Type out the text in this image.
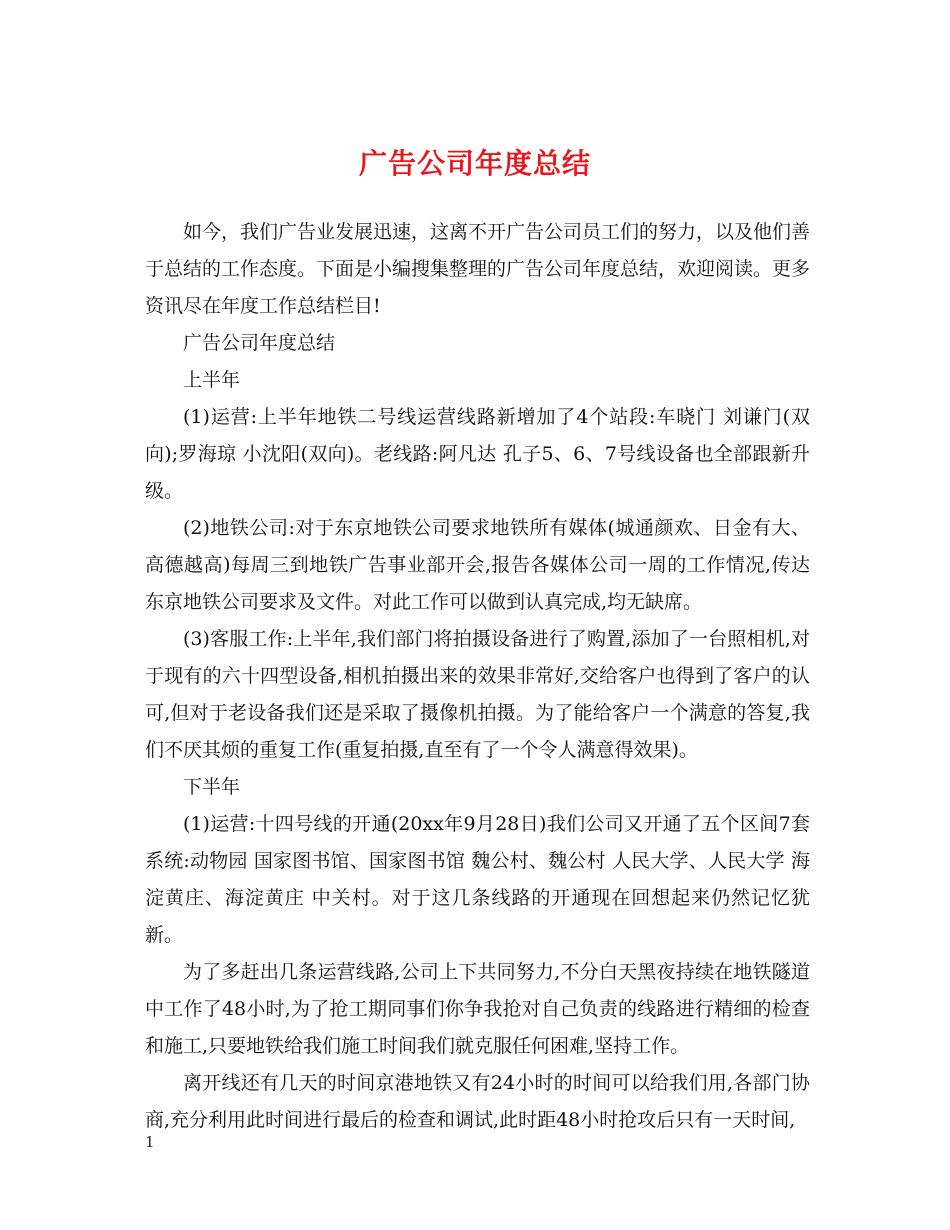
广告公司年度总结

如今，我们广告业发展迅速，这离不开广告公司员工们的努力，以及他们善于总结的工作态度。下面是小编搜集整理的广告公司年度总结，欢迎阅读。更多资讯尽在年度工作总结栏目!

广告公司年度总结

上半年

(1)运营:上半年地铁二号线运营线路新增加了4个站段:车晓门 刘谦门(双向);罗海琼 小沈阳(双向)。老线路:阿凡达 孔子5、6、7号线设备也全部跟新升级。

(2)地铁公司:对于东京地铁公司要求地铁所有媒体(城通颜欢、日金有大、高德越高)每周三到地铁广告事业部开会,报告各媒体公司一周的工作情况,传达东京地铁公司要求及文件。对此工作可以做到认真完成,均无缺席。

(3)客服工作:上半年,我们部门将拍摄设备进行了购置,添加了一台照相机,对于现有的六十四型设备,相机拍摄出来的效果非常好,交给客户也得到了客户的认可,但对于老设备我们还是采取了摄像机拍摄。为了能给客户一个满意的答复,我们不厌其烦的重复工作(重复拍摄,直至有了一个令人满意得效果)。

下半年

(1)运营:十四号线的开通(20xx年9月28日)我们公司又开通了五个区间7套系统:动物园 国家图书馆、国家图书馆 魏公村、魏公村 人民大学、人民大学 海淀黄庄、海淀黄庄 中关村。对于这几条线路的开通现在回想起来仍然记忆犹新。

为了多赶出几条运营线路,公司上下共同努力,不分白天黑夜持续在地铁隧道中工作了48小时,为了抢工期同事们你争我抢对自己负责的线路进行精细的检查和施工,只要地铁给我们施工时间我们就克服任何困难,坚持工作。

离开线还有几天的时间京港地铁又有24小时的时间可以给我们用,各部门协商,充分利用此时间进行最后的检查和调试,此时距48小时抢攻后只有一天时间,

1
